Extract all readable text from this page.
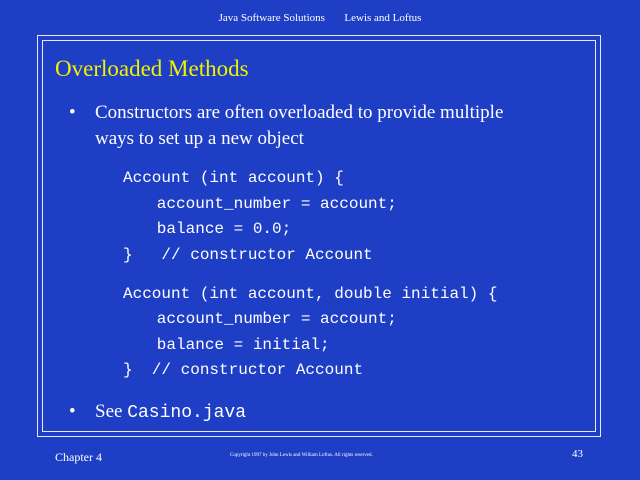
Java Software Solutions Lewis and Loftus
Overloaded Methods
• Constructors are often overloaded to provide multiple
ways to set up a new object
Account (int account) {
account_number = account;
balance = 0.0;
}   // constructor Account
Account (int account, double initial) {
account_number = account;
balance = initial;
}  // constructor Account
• See Casino.java
Chapter 4	Copyright 1997 by John Lewis and William Loftus. All rights reserved.	43
